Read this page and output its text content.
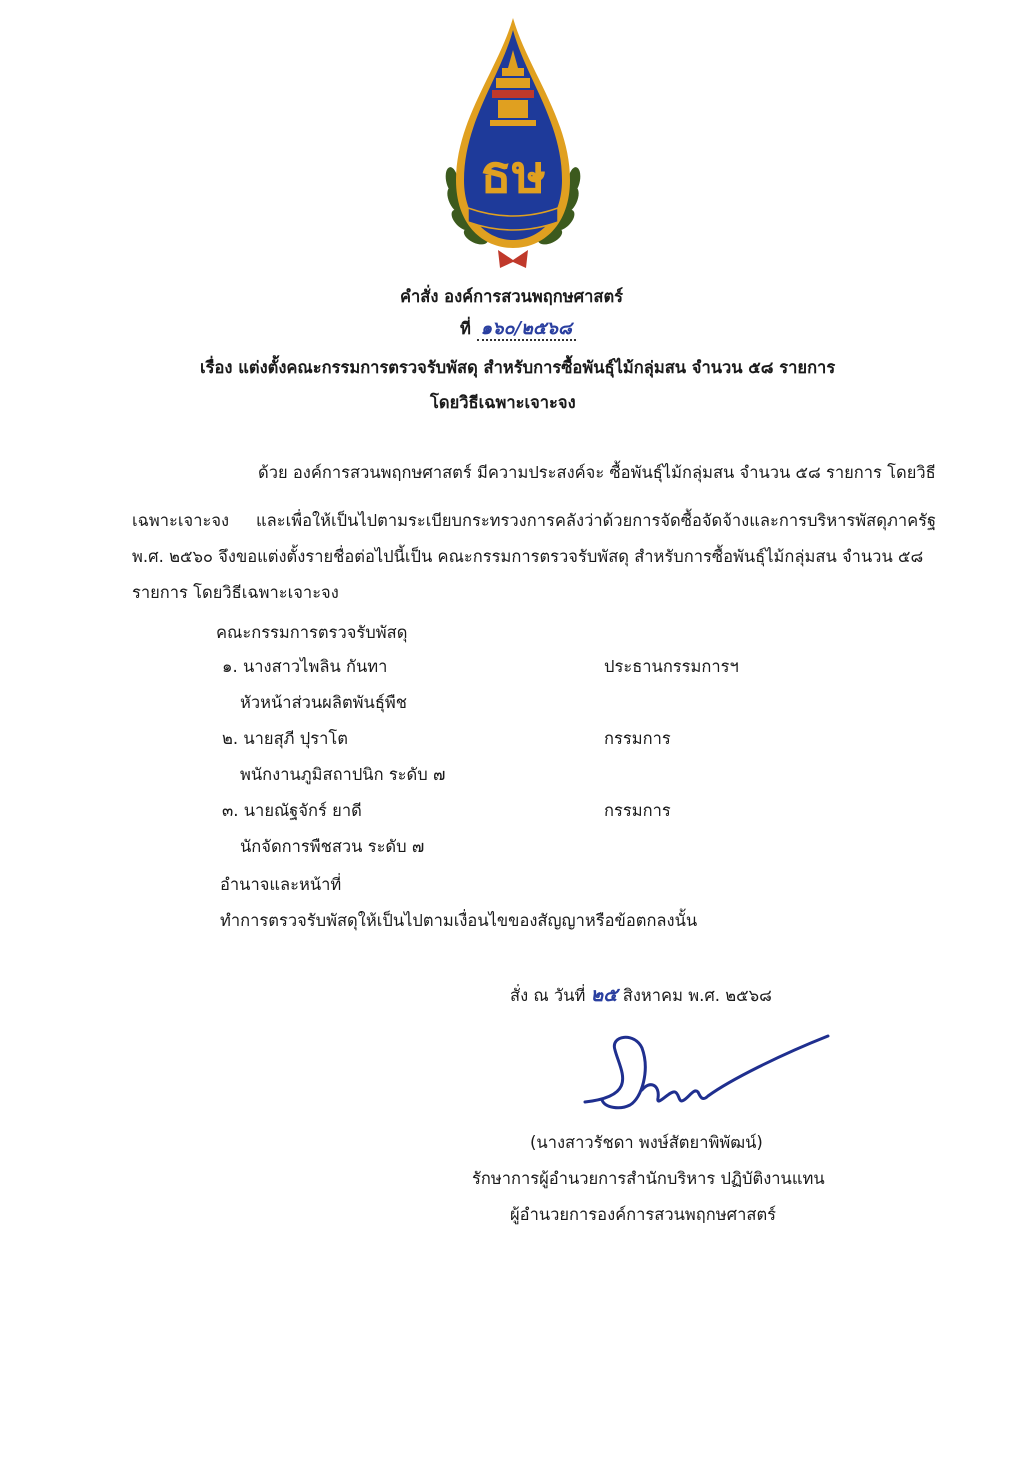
ธษ
คำสั่ง องค์การสวนพฤกษศาสตร์
ที่ ๑๖๐/๒๕๖๘
เรื่อง แต่งตั้งคณะกรรมการตรวจรับพัสดุ สำหรับการซื้อพันธุ์ไม้กลุ่มสน จำนวน ๕๘ รายการ
โดยวิธีเฉพาะเจาะจง
ด้วย องค์การสวนพฤกษศาสตร์ มีความประสงค์จะ ซื้อพันธุ์ไม้กลุ่มสน จำนวน ๕๘ รายการ โดยวิธี
เฉพาะเจาะจง และเพื่อให้เป็นไปตามระเบียบกระทรวงการคลังว่าด้วยการจัดซื้อจัดจ้างและการบริหารพัสดุภาครัฐ
พ.ศ. ๒๕๖๐ จึงขอแต่งตั้งรายชื่อต่อไปนี้เป็น คณะกรรมการตรวจรับพัสดุ สำหรับการซื้อพันธุ์ไม้กลุ่มสน จำนวน ๕๘
รายการ โดยวิธีเฉพาะเจาะจง
คณะกรรมการตรวจรับพัสดุ
๑. นางสาวไพลิน กันทา	ประธานกรรมการฯ
หัวหน้าส่วนผลิตพันธุ์พืช
๒. นายสุภี ปุราโต	กรรมการ
พนักงานภูมิสถาปนิก ระดับ ๗
๓. นายณัฐจักร์ ยาดี	กรรมการ
นักจัดการพืชสวน ระดับ ๗
อำนาจและหน้าที่
ทำการตรวจรับพัสดุให้เป็นไปตามเงื่อนไขของสัญญาหรือข้อตกลงนั้น
สั่ง ณ วันที่ ๒๕ สิงหาคม พ.ศ. ๒๕๖๘
(นางสาวรัชดา พงษ์สัตยาพิพัฒน์)
รักษาการผู้อำนวยการสำนักบริหาร ปฏิบัติงานแทน
ผู้อำนวยการองค์การสวนพฤกษศาสตร์
